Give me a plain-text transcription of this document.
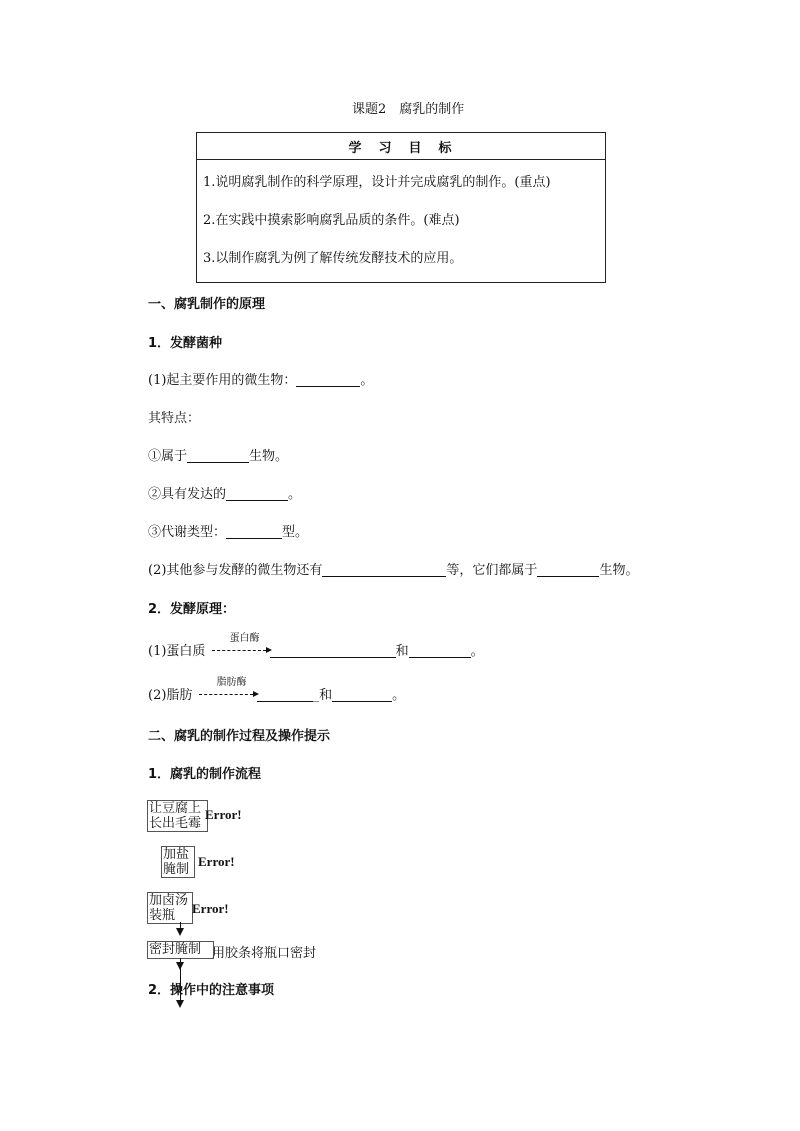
课题2　腐乳的制作
学　习　目　标

1.说明腐乳制作的科学原理，设计并完成腐乳的制作。(重点)
2.在实践中摸索影响腐乳品质的条件。(难点)
3.以制作腐乳为例了解传统发酵技术的应用。
一、腐乳制作的原理
1．发酵菌种
(1)起主要作用的微生物：	。
其特点：
①属于	生物。
②具有发达的	。
③代谢类型：	型。
(2)其他参与发酵的微生物还有	等，它们都属于	生物。
2．发酵原理：
(1)蛋白质
蛋白酶
和	。
(2)脂肪
脂肪酶
_和	。
二、腐乳的制作过程及操作提示
1．腐乳的制作流程
让豆腐上长出毛霉
Error!
加盐腌制
Error!
加卤汤装瓶	Error!
密封腌制 用胶条将瓶口密封
2．操作中的注意事项
